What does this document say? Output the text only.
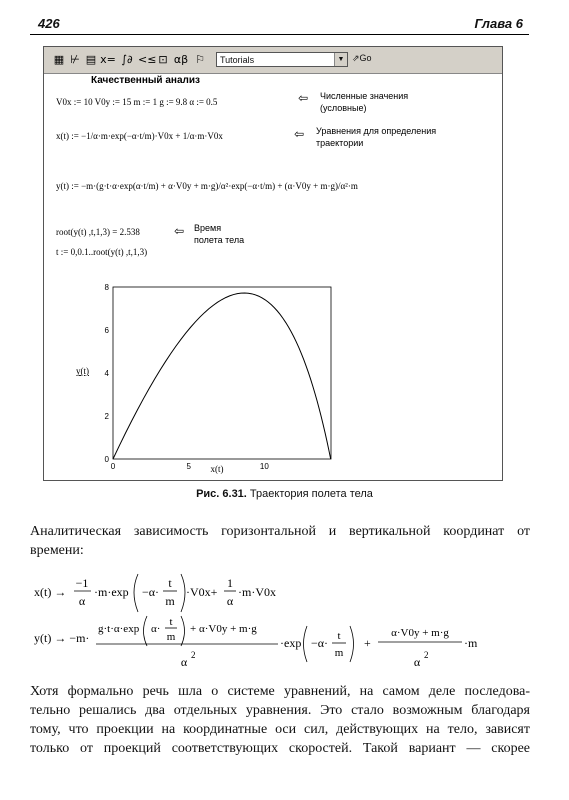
426	Глава 6
▦ ⊬ ▤ x= ∫∂ <≤ ⊡ αβ ⚐	Tutorials	▼ ⇗Go
Качественный анализ
V0x := 10 V0y := 15 m := 1 g := 9.8 α := 0.5	⇦ Численные значения
(условные)
x(t) := −1/α·m·exp(−α·t/m)·V0x + 1/α·m·V0x	⇦ Уравнения для определения
траектории
y(t) := −m·(g·t·α·exp(α·t/m) + α·V0y + m·g)/α²·exp(−α·t/m) + (α·V0y + m·g)/α²·m
root(y(t) ,t,1,3) = 2.538	⇦ Время
полета тела
t := 0,0.1..root(y(t) ,t,1,3)
y(t)
0
2
4
6
8
0	5	10
x(t)
Рис. 6.31. Траектория полета тела
Аналитическая зависимость горизонтальной и вертикальной координат от
времени:
x(t) →
−1
α
·m·exp −α·
t
m
·V0x+
1
α
·m·V0x
y(t) → −m·
g·t·α·exp α·
t
m
+ α·V0y + m·g
α 2
·exp −α· t
m
+
α·V0y + m·g
α 2
·m
Хотя формально речь шла о системе уравнений, на самом деле последова-
тельно решались два отдельных уравнения. Это стало возможным благодаря
тому, что проекции на координатные оси сил, действующих на тело, зависят
только от проекций соответствующих скоростей. Такой вариант — скорее
